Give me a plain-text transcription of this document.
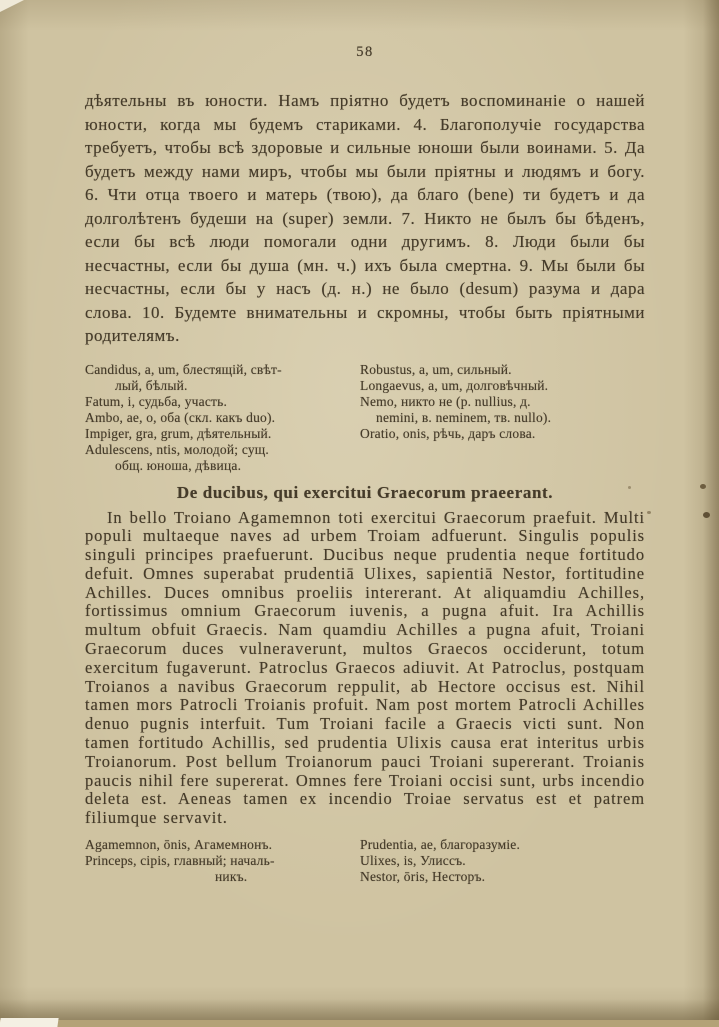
58
дѣятельны въ юности. Намъ пріятно будетъ воспоминаніе о нашей юности, когда мы будемъ стариками. 4. Благополучіе государства требуетъ, чтобы всѣ здоровые и сильные юноши были воинами. 5. Да будетъ между нами миръ, чтобы мы были пріятны и людямъ и богу. 6. Чти отца твоего и матерь (твою), да благо (bene) ти будетъ и да долголѣтенъ будеши на (super) земли. 7. Никто не былъ бы бѣденъ, если бы всѣ люди помогали одни другимъ. 8. Люди были бы несчастны, если бы душа (мн. ч.) ихъ была смертна. 9. Мы были бы несчастны, если бы у насъ (д. н.) не было (desum) разума и дара слова. 10. Будемте внимательны и скромны, чтобы быть пріятными родителямъ.
Candidus, a, um, блестящій, свѣт-	Robustus, a, um, сильный.
лый, бѣлый.	Longaevus, a, um, долговѣчный.
Fatum, i, судьба, участь.	Nemo, никто не (р. nullius, д.
Ambo, ae, o, оба (скл. какъ duo).	nemini, в. neminem, тв. nullo).
Impiger, gra, grum, дѣятельный.	Oratio, onis, рѣчь, даръ слова.
Adulescens, ntis, молодой; сущ.
общ. юноша, дѣвица.
De ducibus, qui exercitui Graecorum praeerant.
In bello Troiano Agamemnon toti exercitui Graecorum praefuit. Multi populi multaeque naves ad urbem Troiam adfuerunt. Singulis populis singuli principes praefuerunt. Ducibus neque prudentia neque fortitudo defuit. Omnes superabat prudentiā Ulixes, sapientiā Nestor, fortitudine Achilles. Duces omnibus proeliis intererant. At aliquamdiu Achilles, fortissimus omnium Graecorum iuvenis, a pugna afuit. Ira Achillis multum obfuit Graecis. Nam quamdiu Achilles a pugna afuit, Troiani Graecorum duces vulneraverunt, multos Graecos occiderunt, totum exercitum fugaverunt. Patroclus Graecos adiuvit. At Patroclus, postquam Troianos a navibus Graecorum reppulit, ab Hectore occisus est. Nihil tamen mors Patrocli Troianis profuit. Nam post mortem Patrocli Achilles denuo pugnis interfuit. Tum Troiani facile a Graecis victi sunt. Non tamen fortitudo Achillis, sed prudentia Ulixis causa erat interitus urbis Troianorum. Post bellum Troianorum pauci Troiani supererant. Troianis paucis nihil fere supererat. Omnes fere Troiani occisi sunt, urbs incendio deleta est. Aeneas tamen ex incendio Troiae servatus est et patrem filiumque servavit.
Agamemnon, ōnis, Агамемнонъ.	Prudentia, ae, благоразуміе.
Princeps, cipis, главный; началь-	Ulixes, is, Улиссъ.
никъ.	Nestor, ōris, Несторъ.
